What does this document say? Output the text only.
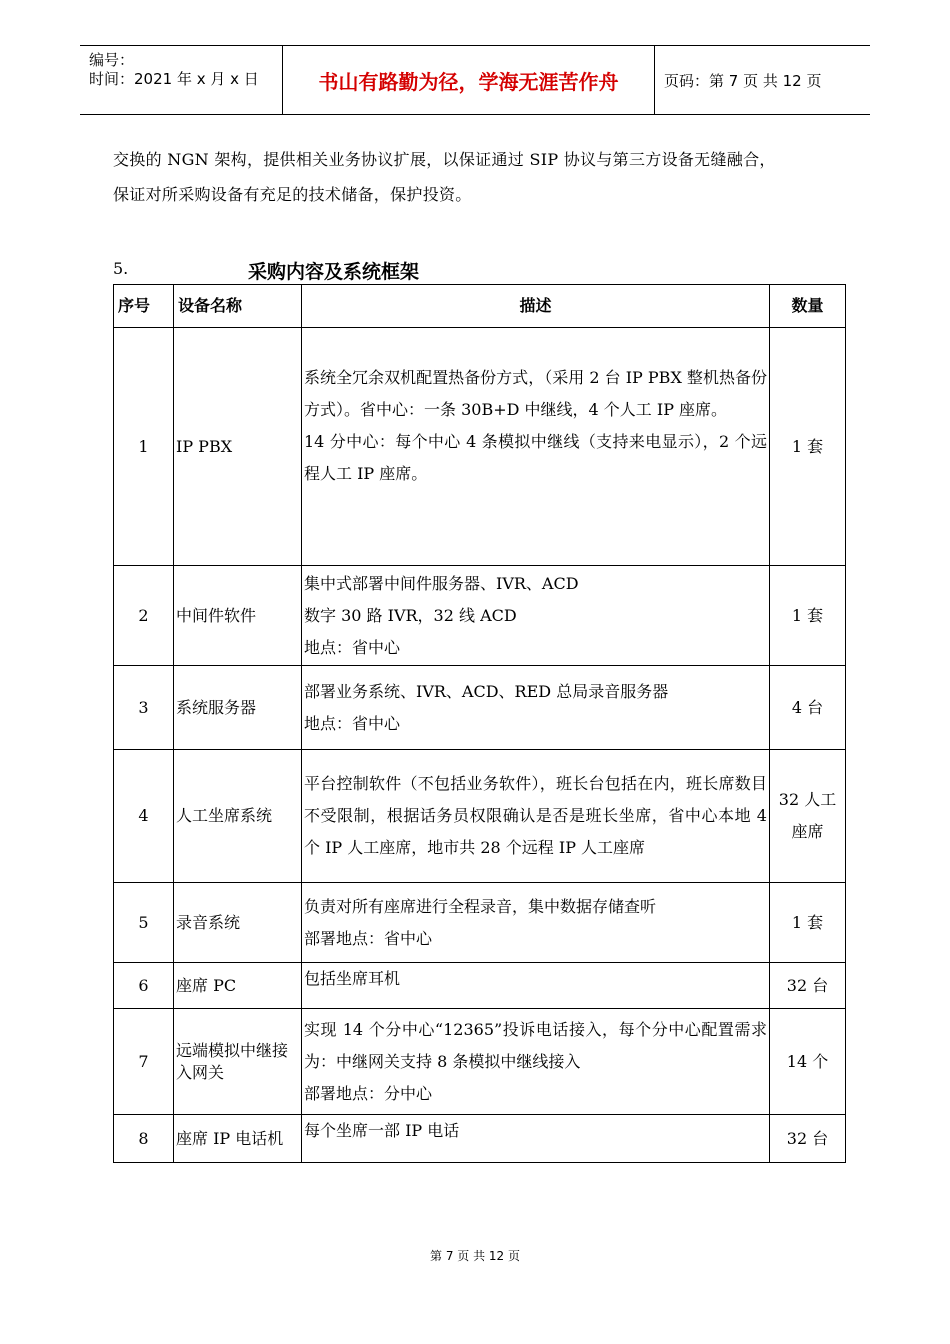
编号：
时间：2021 年 x 月 x 日	书山有路勤为径，学海无涯苦作舟	页码：第 7 页 共 12 页
交换的 NGN 架构，提供相关业务协议扩展，以保证通过 SIP 协议与第三方设备无缝融合，
保证对所采购设备有充足的技术储备，保护投资。
5.	采购内容及系统框架
序号	设备名称	描述	数量
1	IP PBX	系统全冗余双机配置热备份方式，（采用 2 台 IP PBX 整机热备份方式）。省中心：一条 30B+D 中继线，4 个人工 IP 座席。
14 分中心：每个中心 4 条模拟中继线（支持来电显示），2 个远程人工 IP 座席。	1 套
2	中间件软件	集中式部署中间件服务器、IVR、ACD
数字 30 路 IVR，32 线 ACD
地点：省中心	1 套
3	系统服务器	部署业务系统、IVR、ACD、RED 总局录音服务器
地点：省中心	4 台
4	人工坐席系统	平台控制软件（不包括业务软件），班长台包括在内，班长席数目不受限制，根据话务员权限确认是否是班长坐席，省中心本地 4 个 IP 人工座席，地市共 28 个远程 IP 人工座席	32 人工座席
5	录音系统	负责对所有座席进行全程录音，集中数据存储查听
部署地点：省中心	1 套
6	座席 PC	包括坐席耳机	32 台
7	远端模拟中继接入网关	实现 14 个分中心“12365”投诉电话接入，每个分中心配置需求为：中继网关支持 8 条模拟中继线接入
部署地点：分中心	14 个
8	座席 IP 电话机	每个坐席一部 IP 电话	32 台
第 7 页 共 12 页
